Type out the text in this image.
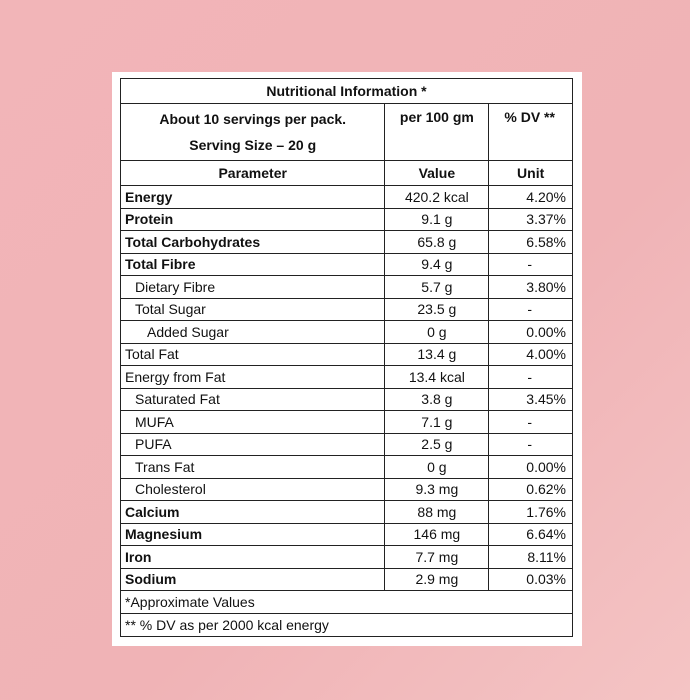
Nutritional Information *		

About 10 servings per pack.
Serving Size – 20 g	per 100 gm	% DV **
Parameter	Value	Unit
Energy	420.2 kcal	4.20%
Protein	9.1 g	3.37%
Total Carbohydrates	65.8 g	6.58%
Total Fibre	9.4 g	-
Dietary Fibre	5.7 g	3.80%
Total Sugar	23.5 g	-
Added Sugar	0 g	0.00%
Total Fat	13.4 g	4.00%
Energy from Fat	13.4 kcal	-
Saturated Fat	3.8 g	3.45%
MUFA	7.1 g	-
PUFA	2.5 g	-
Trans Fat	0 g	0.00%
Cholesterol	9.3 mg	0.62%
Calcium	88 mg	1.76%
Magnesium	146 mg	6.64%
Iron	7.7 mg	8.11%
Sodium	2.9 mg	0.03%
*Approximate Values		
** % DV as per 2000 kcal energy		
